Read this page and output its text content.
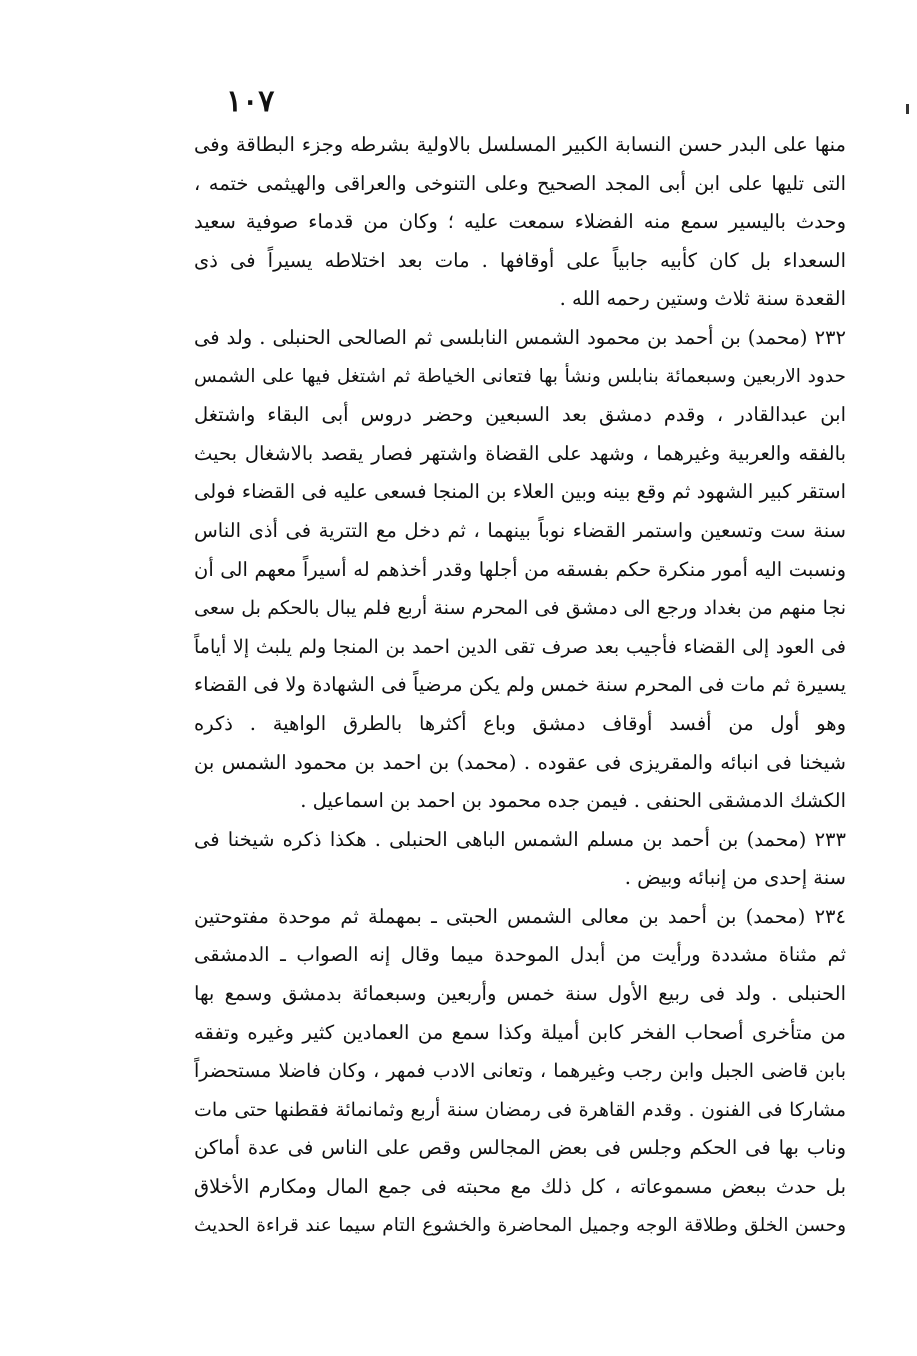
١٠٧
منها على البدر حسن النسابة الكبير المسلسل بالاولية بشرطه وجزء البطاقة وفى
التى تليها على ابن أبى المجد الصحيح وعلى التنوخى والعراقى والهيثمى ختمه ،
وحدث باليسير سمع منه الفضلاء سمعت عليه ؛ وكان من قدماء صوفية سعيد
السعداء بل كان كأبيه جابياً على أوقافها . مات بعد اختلاطه يسيراً فى ذى
القعدة سنة ثلاث وستين رحمه الله .
٢٣٢ (محمد) بن أحمد بن محمود الشمس النابلسى ثم الصالحى الحنبلى . ولد فى
حدود الاربعين وسبعمائة بنابلس ونشأ بها فتعانى الخياطة ثم اشتغل فيها على الشمس
ابن عبدالقادر ، وقدم دمشق بعد السبعين وحضر دروس أبى البقاء واشتغل
بالفقه والعربية وغيرهما ، وشهد على القضاة واشتهر فصار يقصد بالاشغال بحيث
استقر كبير الشهود ثم وقع بينه وبين العلاء بن المنجا فسعى عليه فى القضاء فولى
سنة ست وتسعين واستمر القضاء نوباً بينهما ، ثم دخل مع التترية فى أذى الناس
ونسبت اليه أمور منكرة حكم بفسقه من أجلها وقدر أخذهم له أسيراً معهم الى أن
نجا منهم من بغداد ورجع الى دمشق فى المحرم سنة أربع فلم يبال بالحكم بل سعى
فى العود إلى القضاء فأجيب بعد صرف تقى الدين احمد بن المنجا ولم يلبث إلا أياماً
يسيرة ثم مات فى المحرم سنة خمس ولم يكن مرضياً فى الشهادة ولا فى القضاء
وهو أول من أفسد أوقاف دمشق وباع أكثرها بالطرق الواهية . ذكره
شيخنا فى انبائه والمقريزى فى عقوده . (محمد) بن احمد بن محمود الشمس بن
الكشك الدمشقى الحنفى . فيمن جده محمود بن احمد بن اسماعيل .
٢٣٣ (محمد) بن أحمد بن مسلم الشمس الباهى الحنبلى . هكذا ذكره شيخنا فى
سنة إحدى من إنبائه وبيض .
٢٣٤ (محمد) بن أحمد بن معالى الشمس الحبتى ـ بمهملة ثم موحدة مفتوحتين
ثم مثناة مشددة ورأيت من أبدل الموحدة ميما وقال إنه الصواب ـ الدمشقى
الحنبلى . ولد فى ربيع الأول سنة خمس وأربعين وسبعمائة بدمشق وسمع بها
من متأخرى أصحاب الفخر كابن أميلة وكذا سمع من العمادين كثير وغيره وتفقه
بابن قاضى الجبل وابن رجب وغيرهما ، وتعانى الادب فمهر ، وكان فاضلا مستحضراً
مشاركا فى الفنون . وقدم القاهرة فى رمضان سنة أربع وثمانمائة فقطنها حتى مات
وناب بها فى الحكم وجلس فى بعض المجالس وقص على الناس فى عدة أماكن
بل حدث ببعض مسموعاته ، كل ذلك مع محبته فى جمع المال ومكارم الأخلاق
وحسن الخلق وطلاقة الوجه وجميل المحاضرة والخشوع التام سيما عند قراءة الحديث
